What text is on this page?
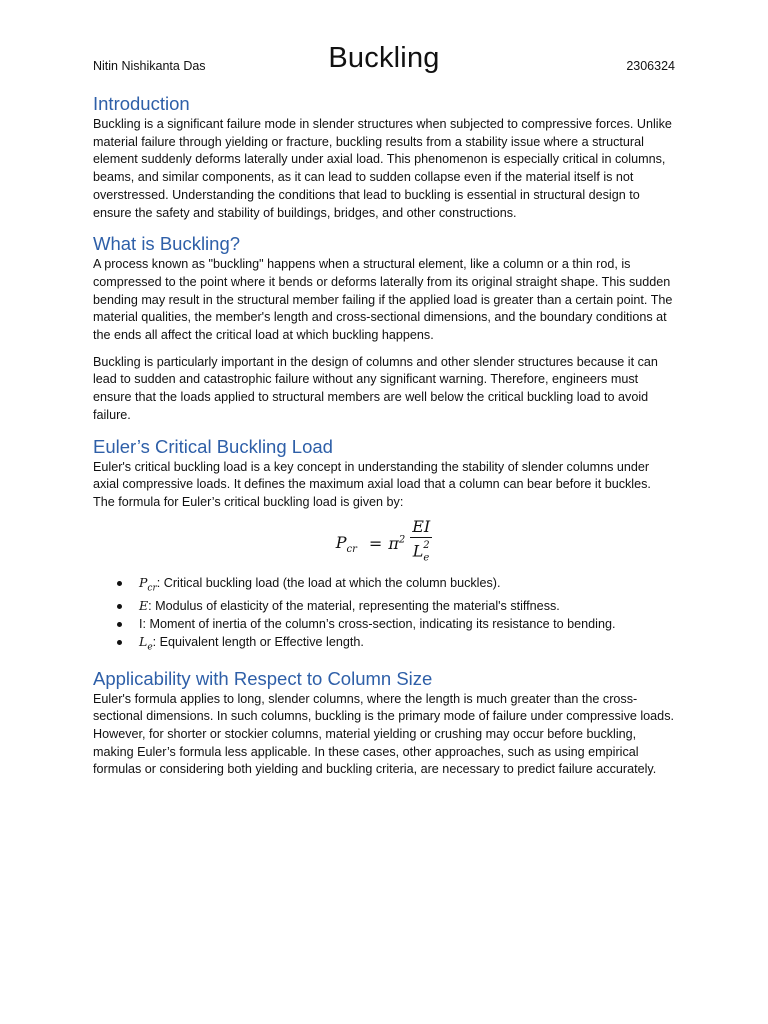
Nitin Nishikanta Das	Buckling	2306324
Introduction

Buckling is a significant failure mode in slender structures when subjected to compressive forces. Unlike material failure through yielding or fracture, buckling results from a stability issue where a structural element suddenly deforms laterally under axial load. This phenomenon is especially critical in columns, beams, and similar components, as it can lead to sudden collapse even if the material itself is not overstressed. Understanding the conditions that lead to buckling is essential in structural design to ensure the safety and stability of buildings, bridges, and other constructions.

What is Buckling?

A process known as "buckling" happens when a structural element, like a column or a thin rod, is compressed to the point where it bends or deforms laterally from its original straight shape. This sudden bending may result in the structural member failing if the applied load is greater than a certain point. The material qualities, the member's length and cross-sectional dimensions, and the boundary conditions at the ends all affect the critical load at which buckling happens.

Buckling is particularly important in the design of columns and other slender structures because it can lead to sudden and catastrophic failure without any significant warning. Therefore, engineers must ensure that the loads applied to structural members are well below the critical buckling load to avoid failure.

Euler’s Critical Buckling Load

Euler's critical buckling load is a key concept in understanding the stability of slender columns under axial compressive loads. It defines the maximum axial load that a column can bear before it buckles. The formula for Euler’s critical buckling load is given by:

$P_{cr} = \pi^2 \frac{EI}{L_e^2}$
$P_{cr}$: Critical buckling load (the load at which the column buckles).
E: Modulus of elasticity of the material, representing the material's stiffness.
I: Moment of inertia of the column’s cross-section, indicating its resistance to bending.
$L_e$: Equivalent length or Effective length.
Applicability with Respect to Column Size

Euler's formula applies to long, slender columns, where the length is much greater than the cross-sectional dimensions. In such columns, buckling is the primary mode of failure under compressive loads. However, for shorter or stockier columns, material yielding or crushing may occur before buckling, making Euler’s formula less applicable. In these cases, other approaches, such as using empirical formulas or considering both yielding and buckling criteria, are necessary to predict failure accurately.
